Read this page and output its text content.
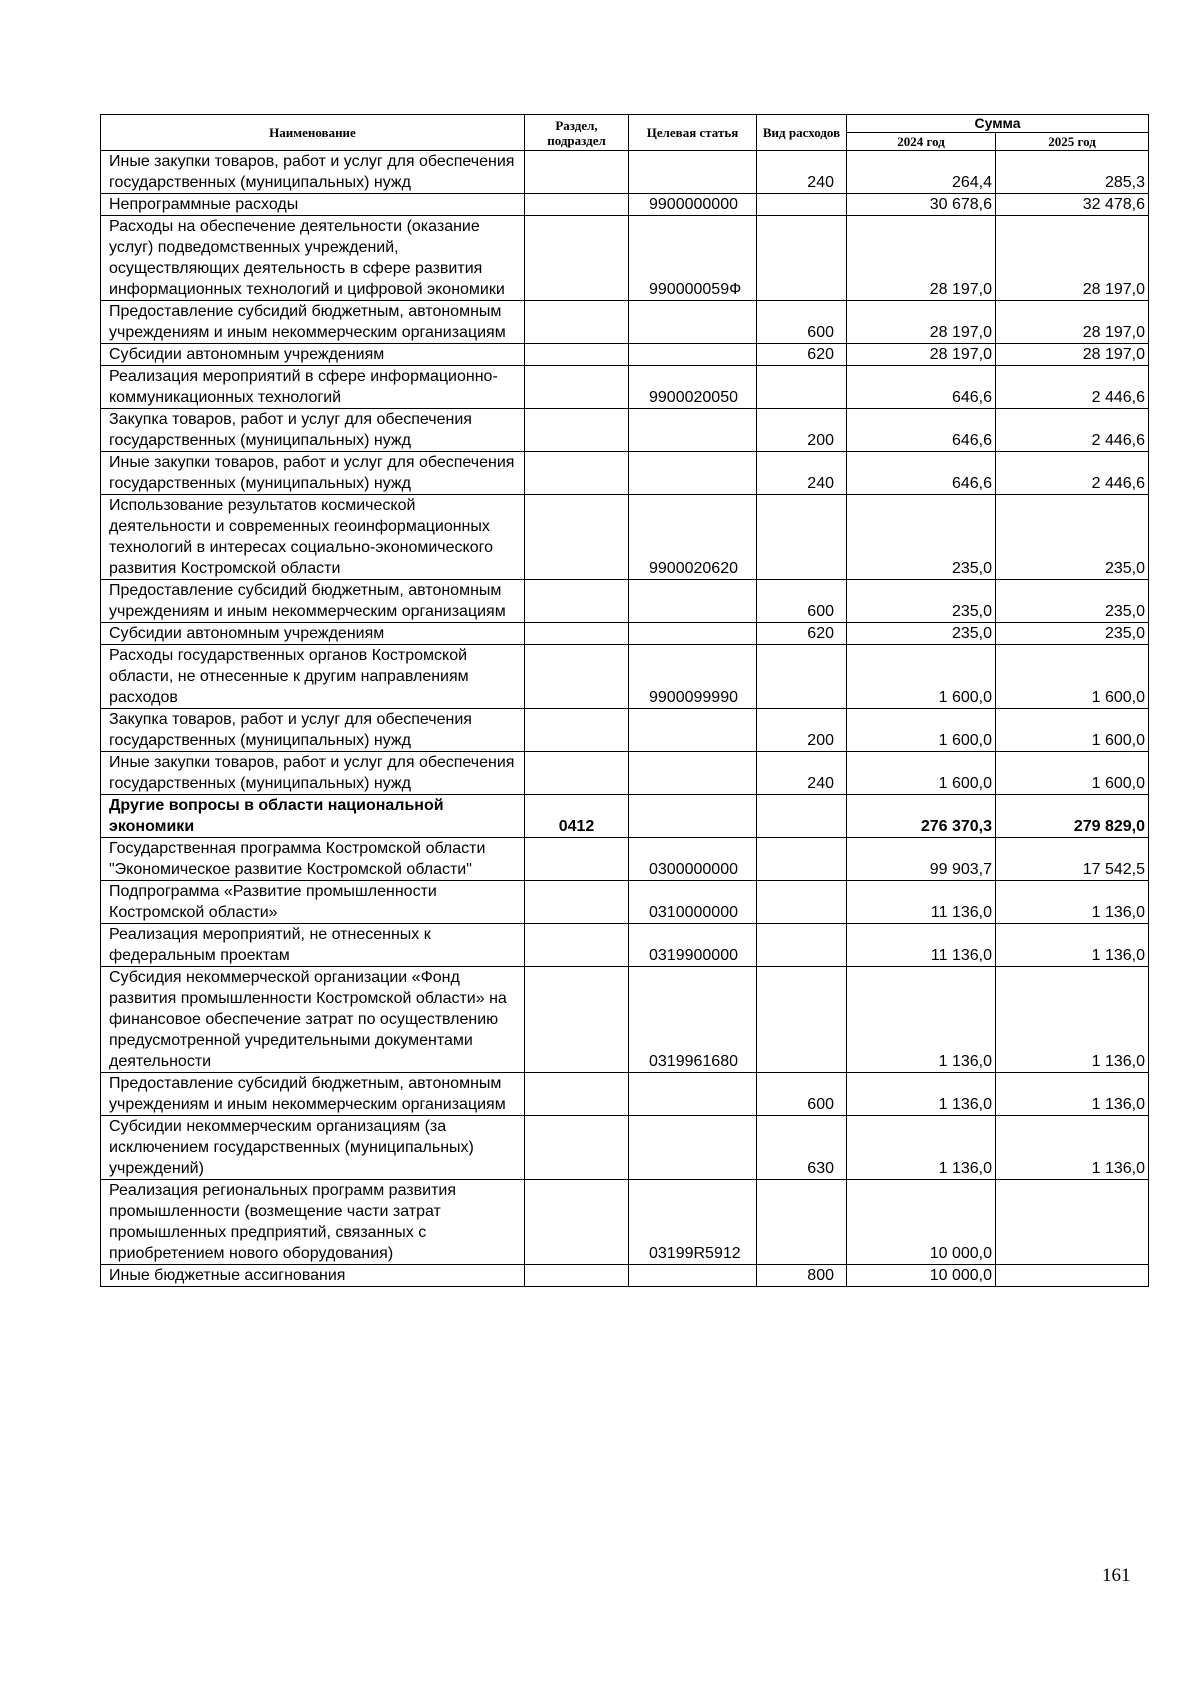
Наименование	Раздел, подраздел	Целевая статья	Вид расходов	Сумма	
				2024 год	2025 год
Иные закупки товаров, работ и услуг для обеспечения государственных (муниципальных) нужд			240	264,4	285,3
Непрограммные расходы		9900000000		30 678,6	32 478,6
Расходы на обеспечение деятельности (оказание услуг) подведомственных учреждений, осуществляющих деятельность в сфере развития информационных технологий и цифровой экономики		990000059Ф		28 197,0	28 197,0
Предоставление субсидий бюджетным, автономным учреждениям и иным некоммерческим организациям			600	28 197,0	28 197,0
Субсидии автономным учреждениям			620	28 197,0	28 197,0
Реализация мероприятий в сфере информационно-коммуникационных технологий		9900020050		646,6	2 446,6
Закупка товаров, работ и услуг для обеспечения государственных (муниципальных) нужд			200	646,6	2 446,6
Иные закупки товаров, работ и услуг для обеспечения государственных (муниципальных) нужд			240	646,6	2 446,6
Использование результатов космической деятельности и современных геоинформационных технологий в интересах социально-экономического развития Костромской области		9900020620		235,0	235,0
Предоставление субсидий бюджетным, автономным учреждениям и иным некоммерческим организациям			600	235,0	235,0
Субсидии автономным учреждениям			620	235,0	235,0
Расходы государственных органов Костромской области, не отнесенные к другим направлениям расходов		9900099990		1 600,0	1 600,0
Закупка товаров, работ и услуг для обеспечения государственных (муниципальных) нужд			200	1 600,0	1 600,0
Иные закупки товаров, работ и услуг для обеспечения государственных (муниципальных) нужд			240	1 600,0	1 600,0
Другие вопросы в области национальной экономики	0412			276 370,3	279 829,0
Государственная программа Костромской области "Экономическое развитие Костромской области"		0300000000		99 903,7	17 542,5
Подпрограмма «Развитие промышленности Костромской области»		0310000000		11 136,0	1 136,0
Реализация мероприятий, не отнесенных к федеральным проектам		0319900000		11 136,0	1 136,0
Субсидия некоммерческой организации «Фонд развития промышленности Костромской области» на финансовое обеспечение затрат по осуществлению предусмотренной учредительными документами деятельности		0319961680		1 136,0	1 136,0
Предоставление субсидий бюджетным, автономным учреждениям и иным некоммерческим организациям			600	1 136,0	1 136,0
Субсидии некоммерческим организациям (за исключением государственных (муниципальных) учреждений)			630	1 136,0	1 136,0
Реализация региональных программ развития промышленности (возмещение части затрат промышленных предприятий, связанных с приобретением нового оборудования)		03199R5912		10 000,0	
Иные бюджетные ассигнования			800	10 000,0	
161
